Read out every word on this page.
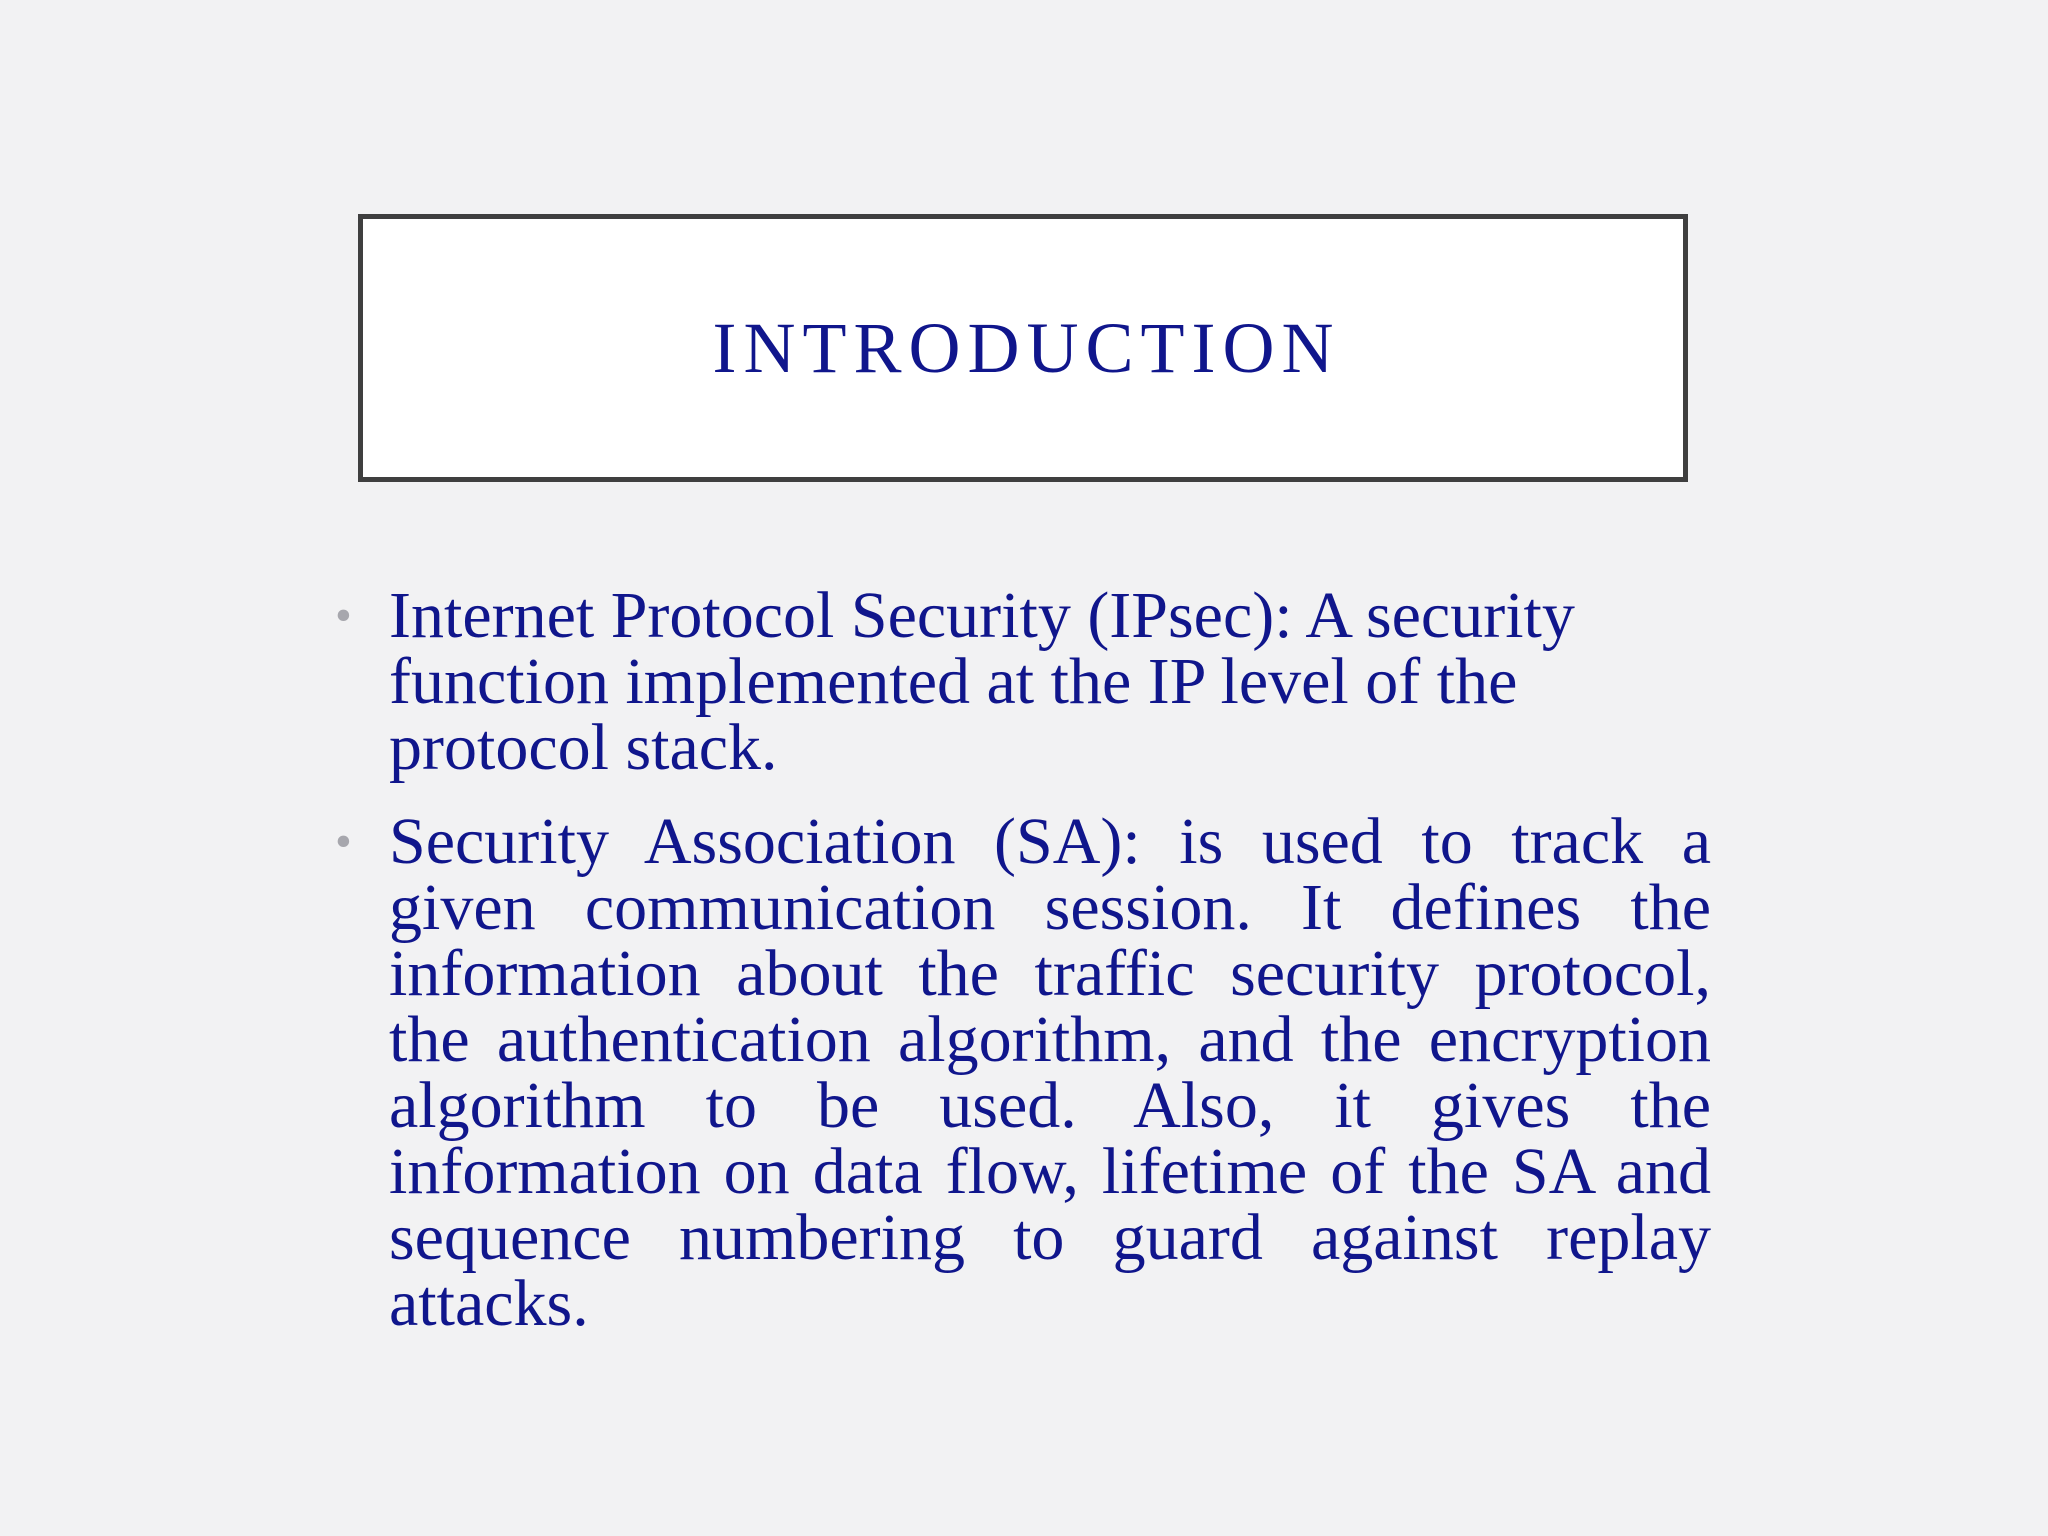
INTRODUCTION
• Internet Protocol Security (IPsec): A security function implemented at the IP level of the protocol stack.
• Security Association (SA): is used to track a given communication session. It defines the information about the traffic security protocol, the authentication algorithm, and the encryption algorithm to be used. Also, it gives the information on data flow, lifetime of the SA and sequence numbering to guard against replay attacks.
